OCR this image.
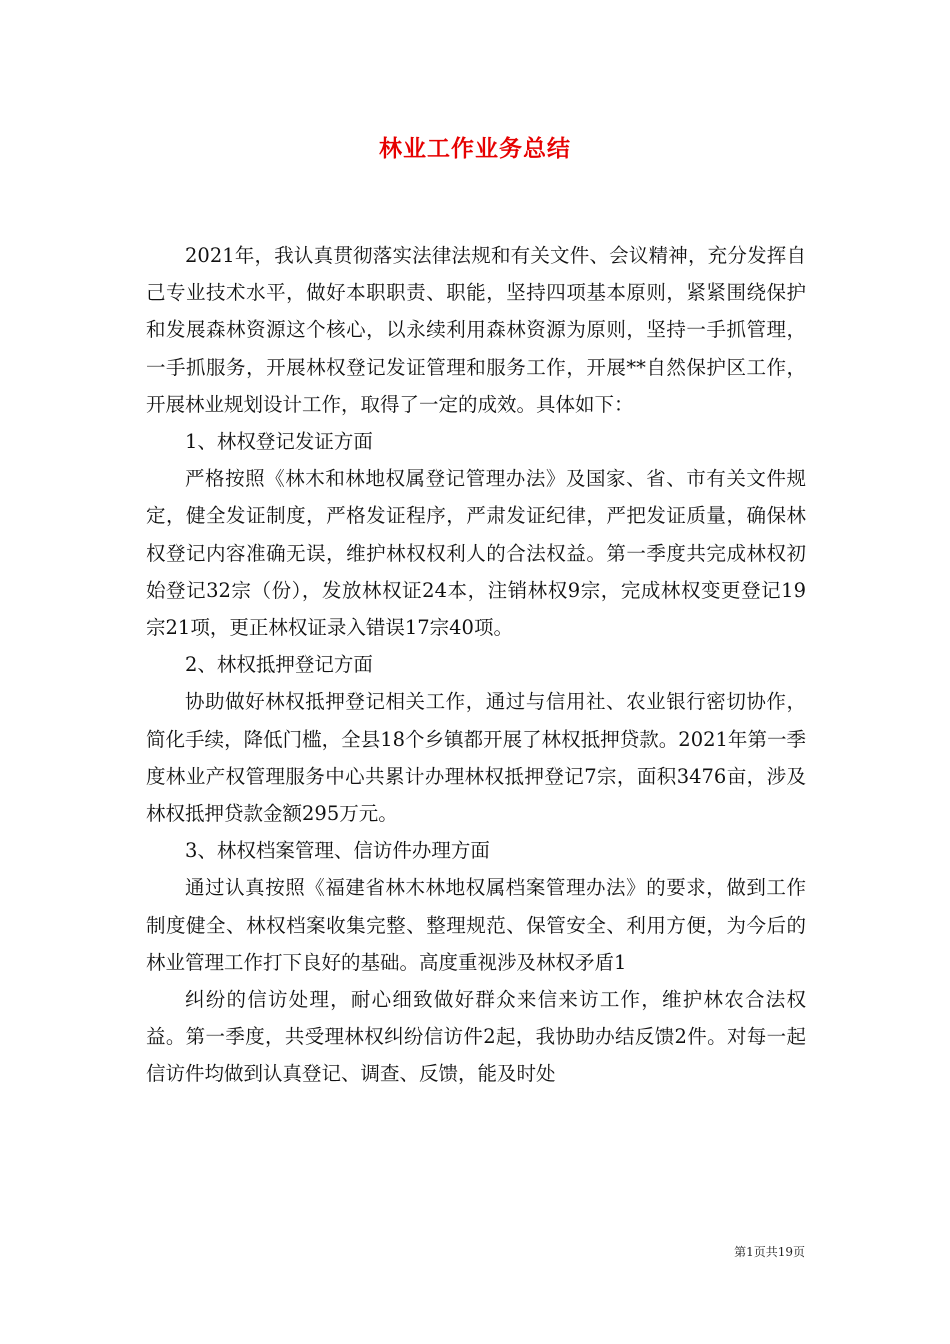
林业工作业务总结

2021年，我认真贯彻落实法律法规和有关文件、会议精神，充分发挥自己专业技术水平，做好本职职责、职能，坚持四项基本原则，紧紧围绕保护和发展森林资源这个核心，以永续利用森林资源为原则，坚持一手抓管理，一手抓服务，开展林权登记发证管理和服务工作，开展**自然保护区工作，开展林业规划设计工作，取得了一定的成效。具体如下：

1、林权登记发证方面

严格按照《林木和林地权属登记管理办法》及国家、省、市有关文件规定，健全发证制度，严格发证程序，严肃发证纪律，严把发证质量，确保林权登记内容准确无误，维护林权权利人的合法权益。第一季度共完成林权初始登记32宗（份），发放林权证24本，注销林权9宗，完成林权变更登记19宗21项，更正林权证录入错误17宗40项。

2、林权抵押登记方面

协助做好林权抵押登记相关工作，通过与信用社、农业银行密切协作，简化手续，降低门槛，全县18个乡镇都开展了林权抵押贷款。2021年第一季度林业产权管理服务中心共累计办理林权抵押登记7宗，面积3476亩，涉及林权抵押贷款金额295万元。

3、林权档案管理、信访件办理方面

通过认真按照《福建省林木林地权属档案管理办法》的要求，做到工作制度健全、林权档案收集完整、整理规范、保管安全、利用方便，为今后的林业管理工作打下良好的基础。高度重视涉及林权矛盾1

纠纷的信访处理，耐心细致做好群众来信来访工作，维护林农合法权益。第一季度，共受理林权纠纷信访件2起，我协助办结反馈2件。对每一起信访件均做到认真登记、调查、反馈，能及时处

第1页共19页
